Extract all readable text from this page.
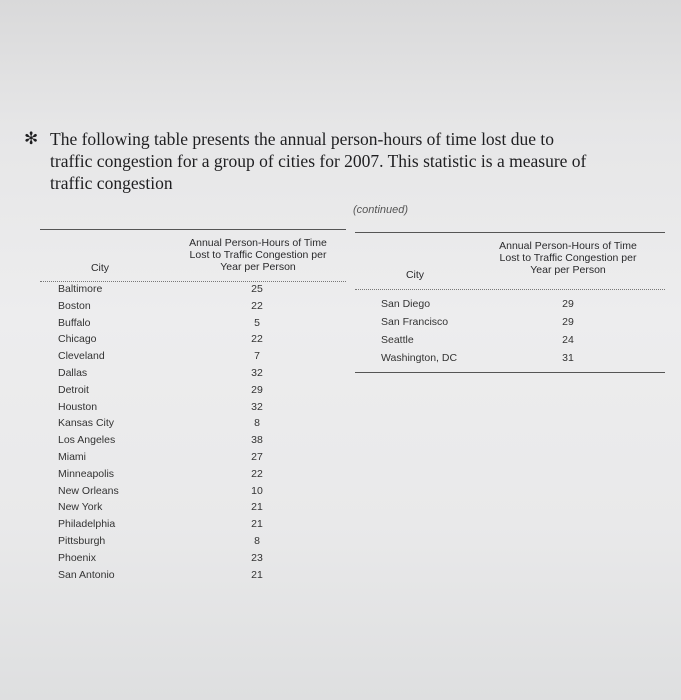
✻ The following table presents the annual person-hours of time lost due to
traffic congestion for a group of cities for 2007. This statistic is a measure of
traffic congestion
(continued)
City
Annual Person-Hours of Time
Lost to Traffic Congestion per
Year per Person
City
Annual Person-Hours of Time
Lost to Traffic Congestion per
Year per Person
Baltimore	25
Boston	22
Buffalo	5
Chicago	22
Cleveland	7
Dallas	32
Detroit	29
Houston	32
Kansas City	8
Los Angeles	38
Miami	27
Minneapolis	22
New Orleans	10
New York	21
Philadelphia	21
Pittsburgh	8
Phoenix	23
San Antonio	21
San Diego	29
San Francisco	29
Seattle	24
Washington, DC	31
